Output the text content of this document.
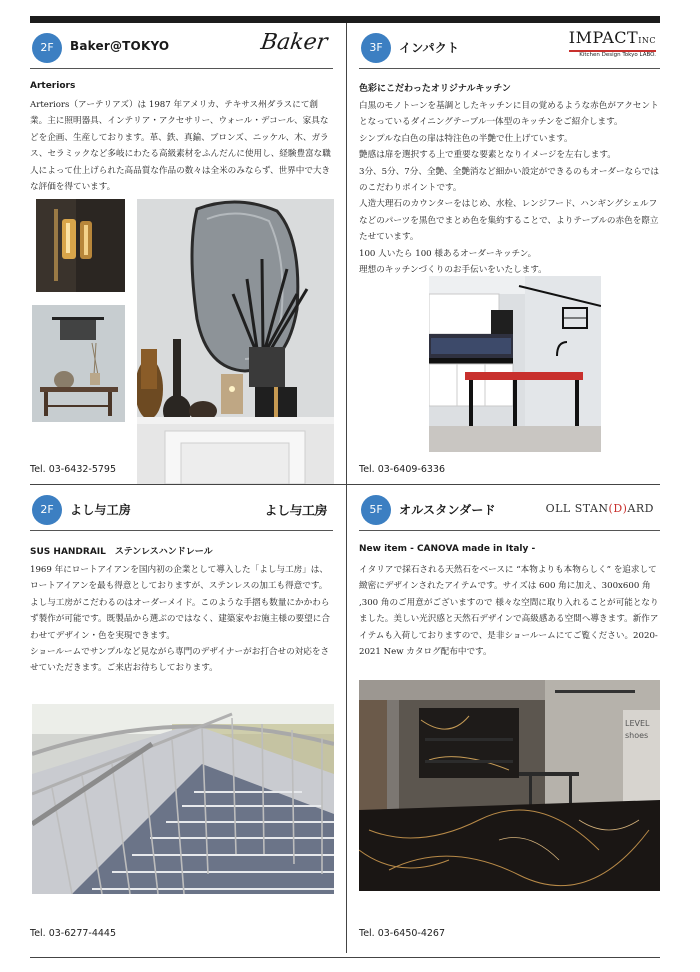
2F	Baker@TOKYO	Baker
Arteriors

Arteriors（アーテリアズ）は 1987 年アメリカ、テキサス州ダラスにて創業。主に照明器具、インテリア・アクセサリー、ウォール・デコール、家具などを企画、生産しております。革、鉄、真鍮、ブロンズ、ニッケル、木、ガラス、セラミックなど多岐にわたる高級素材をふんだんに使用し、経験豊富な職人によって仕上げられた高品質な作品の数々は全米のみならず、世界中で大きな評価を得ています。

Tel. 03-6432-5795
3F	インパクト
IMPACTINC
Kitchen Design Tokyo LABO.
色彩にこだわったオリジナルキッチン

白黒のモノトーンを基調としたキッチンに目の覚めるような赤色がアクセントとなっているダイニングテーブル一体型のキッチンをご紹介します。

シンプルな白色の扉は特注色の半艶で仕上げています。

艶感は扉を選択する上で重要な要素となりイメージを左右します。

3分、5分、7分、全艶、全艶消など細かい設定ができるのもオーダーならではのこだわりポイントです。

人造大理石のカウンターをはじめ、水栓、レンジフード、ハンギングシェルフなどのパーツを黒色でまとめ色を集約することで、よりテーブルの赤色を際立たせています。

100 人いたら 100 様あるオーダーキッチン。

理想のキッチンづくりのお手伝いをいたします。

Tel. 03-6409-6336
2F	よし与工房	よし与工房
SUS HANDRAIL　ステンレスハンドレール

1969 年にロートアイアンを国内初の企業として導入した「よし与工房」は、ロートアイアンを最も得意としておりますが、ステンレスの加工も得意です。

よし与工房がこだわるのはオーダーメイド。このような手摺も数量にかかわらず製作が可能です。既製品から選ぶのではなく、建築家やお施主様の要望に合わせてデザイン・色を実現できます。

ショールームでサンプルなど見ながら専門のデザイナーがお打合せの対応をさせていただきます。ご来店お待ちしております。

Tel. 03-6277-4445
5F	オルスタンダード	OLL STAN(D)ARD
New item - CANOVA made in Italy -

イタリアで採石される天然石をベースに “本物よりも本物らしく” を追求して緻密にデザインされたアイテムです。サイズは 600 角に加え、300x600 角 ,300 角のご用意がございますので 様々な空間に取り入れることが可能となりました。美しい光沢感と天然石デザインで高級感ある空間へ導きます。新作アイテムも入荷しておりますので、是非ショールームにてご覧ください。2020-2021 New カタログ配布中です。

LEVEL
shoes
Tel. 03-6450-4267
